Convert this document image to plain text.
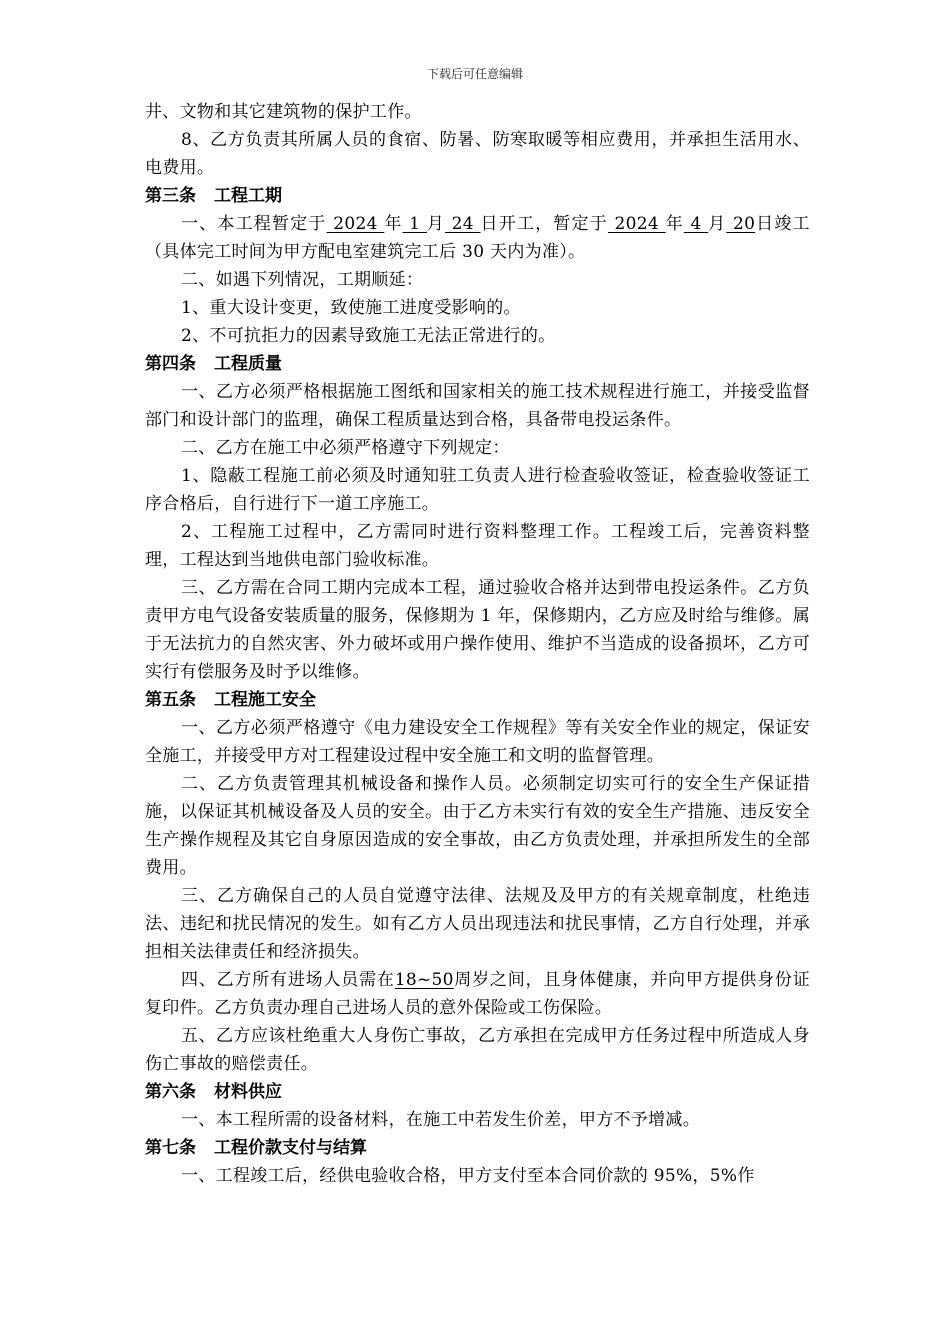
下载后可任意编辑

井、文物和其它建筑物的保护工作。

8、乙方负责其所属人员的食宿、防暑、防寒取暖等相应费用，并承担生活用水、电费用。

第三条 工程工期

一、本工程暂定于 2024 年 1 月 24 日开工，暂定于 2024 年 4 月 20日竣工（具体完工时间为甲方配电室建筑完工后 30 天内为准）。

二、如遇下列情况，工期顺延：

1、重大设计变更，致使施工进度受影响的。

2、不可抗拒力的因素导致施工无法正常进行的。

第四条 工程质量

一、乙方必须严格根据施工图纸和国家相关的施工技术规程进行施工，并接受监督部门和设计部门的监理，确保工程质量达到合格，具备带电投运条件。

二、乙方在施工中必须严格遵守下列规定：

1、隐蔽工程施工前必须及时通知驻工负责人进行检查验收签证，检查验收签证工序合格后，自行进行下一道工序施工。

2、工程施工过程中，乙方需同时进行资料整理工作。工程竣工后，完善资料整理，工程达到当地供电部门验收标准。

三、乙方需在合同工期内完成本工程，通过验收合格并达到带电投运条件。乙方负责甲方电气设备安装质量的服务，保修期为 1 年，保修期内，乙方应及时给与维修。属于无法抗力的自然灾害、外力破坏或用户操作使用、维护不当造成的设备损坏，乙方可实行有偿服务及时予以维修。

第五条 工程施工安全

一、乙方必须严格遵守《电力建设安全工作规程》等有关安全作业的规定，保证安全施工，并接受甲方对工程建设过程中安全施工和文明的监督管理。

二、乙方负责管理其机械设备和操作人员。必须制定切实可行的安全生产保证措施，以保证其机械设备及人员的安全。由于乙方未实行有效的安全生产措施、违反安全生产操作规程及其它自身原因造成的安全事故，由乙方负责处理，并承担所发生的全部费用。

三、乙方确保自己的人员自觉遵守法律、法规及及甲方的有关规章制度，杜绝违法、违纪和扰民情况的发生。如有乙方人员出现违法和扰民事情，乙方自行处理，并承担相关法律责任和经济损失。

四、乙方所有进场人员需在18~50周岁之间，且身体健康，并向甲方提供身份证复印件。乙方负责办理自己进场人员的意外保险或工伤保险。

五、乙方应该杜绝重大人身伤亡事故，乙方承担在完成甲方任务过程中所造成人身伤亡事故的赔偿责任。

第六条 材料供应

一、本工程所需的设备材料，在施工中若发生价差，甲方不予增减。

第七条 工程价款支付与结算

一、工程竣工后，经供电验收合格，甲方支付至本合同价款的 95%，5%作
